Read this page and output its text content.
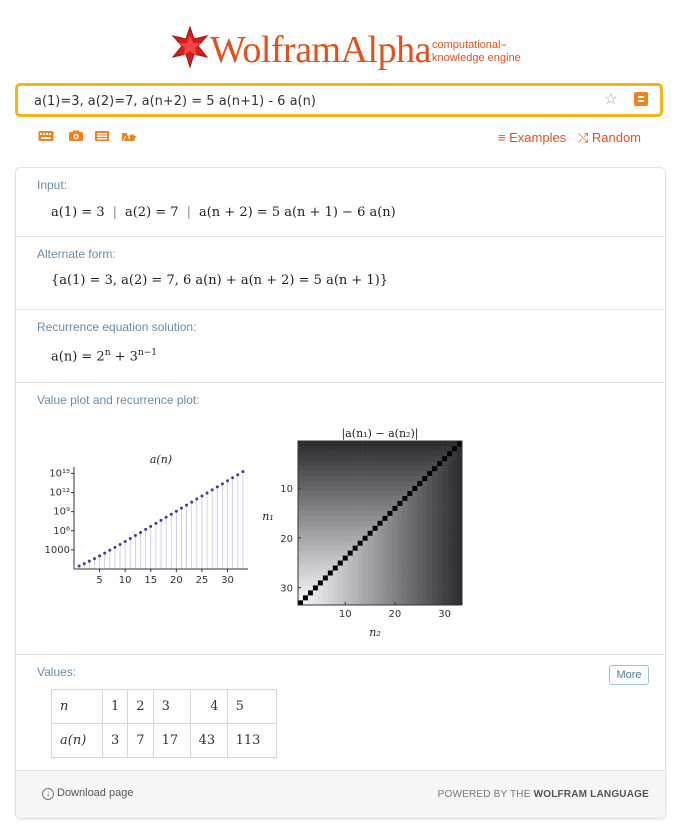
WolframAlpha computational™
knowledge engine
a(1)=3, a(2)=7, a(n+2) = 5 a(n+1) - 6 a(n)
☆
≡ Examples ⤭ Random
Input:
a(1) = 3 | a(2) = 7 | a(n + 2) = 5 a(n + 1) − 6 a(n)
Alternate form:
{a(1) = 3, a(2) = 7, 6 a(n) + a(n + 2) = 5 a(n + 1)}
Recurrence equation solution:
$a(n) = 2^n + 3^{n-1}$
Value plot and recurrence plot:
a(n)
5 10 15 20 25 30
1000
10⁶
10⁹
10¹²
10¹⁵
|a(n₁) − a(n₂)|
10	20	30
10
20
30
n₂
n₁
Values:	More
n	1	2	3	4	5
a(n)	3	7	17	43	113
↓ Download page	POWERED BY THE WOLFRAM LANGUAGE
